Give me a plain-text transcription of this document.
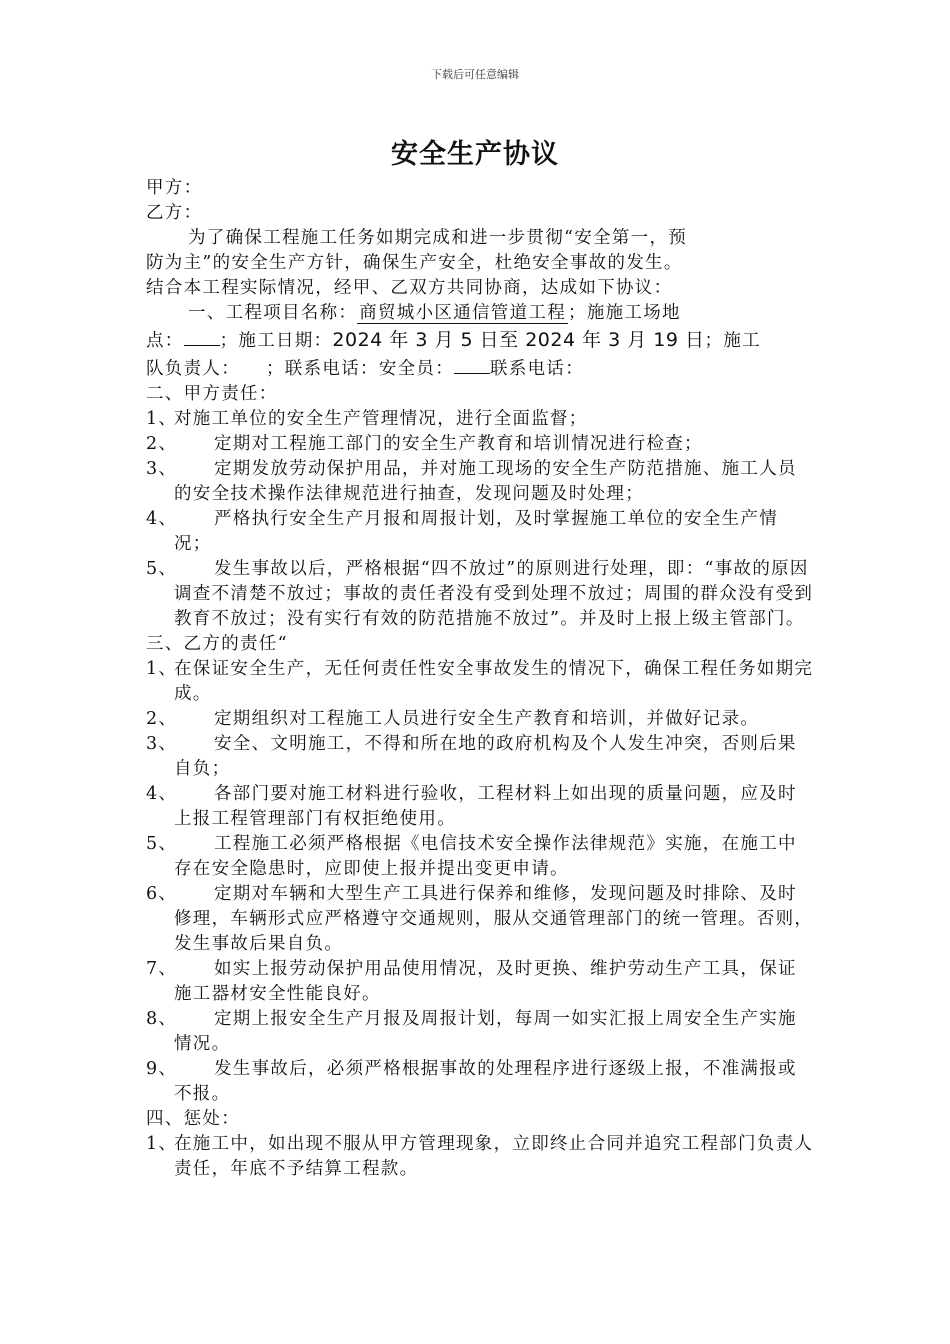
下载后可任意编辑
安全生产协议
甲方：
乙方：
为了确保工程施工任务如期完成和进一步贯彻“安全第一，预
防为主”的安全生产方针，确保生产安全，杜绝安全事故的发生。
结合本工程实际情况，经甲、乙双方共同协商，达成如下协议：
一、工程项目名称： 商贸城小区通信管道工程 ；施施工场地
点： ；施工日期：2024 年 3 月 5 日至 2024 年 3 月 19 日；施工
队负责人： ；联系电话：安全员： 联系电话：
二、甲方责任：
1、
对施工单位的安全生产管理情况，进行全面监督；
2、	定期对工程施工部门的安全生产教育和培训情况进行检查；
3、	定期发放劳动保护用品，并对施工现场的安全生产防范措施、施工人员的安全技术操作法律规范进行抽查，发现问题及时处理；
4、	严格执行安全生产月报和周报计划，及时掌握施工单位的安全生产情况；
5、	发生事故以后，严格根据“四不放过”的原则进行处理，即：“事故的原因调查不清楚不放过；事故的责任者没有受到处理不放过；周围的群众没有受到教育不放过；没有实行有效的防范措施不放过”。并及时上报上级主管部门。
三、乙方的责任“
1、
在保证安全生产，无任何责任性安全事故发生的情况下，确保工程任务如期完成。
2、	定期组织对工程施工人员进行安全生产教育和培训，并做好记录。
3、	安全、文明施工，不得和所在地的政府机构及个人发生冲突，否则后果自负；
4、	各部门要对施工材料进行验收，工程材料上如出现的质量问题，应及时上报工程管理部门有权拒绝使用。
5、	工程施工必须严格根据《电信技术安全操作法律规范》实施，在施工中存在安全隐患时，应即使上报并提出变更申请。
6、	定期对车辆和大型生产工具进行保养和维修，发现问题及时排除、及时修理，车辆形式应严格遵守交通规则，服从交通管理部门的统一管理。否则，发生事故后果自负。
7、	如实上报劳动保护用品使用情况，及时更换、维护劳动生产工具，保证施工器材安全性能良好。
8、	定期上报安全生产月报及周报计划，每周一如实汇报上周安全生产实施情况。
9、	发生事故后，必须严格根据事故的处理程序进行逐级上报，不准满报或不报。
四、惩处：
1、
在施工中，如出现不服从甲方管理现象，立即终止合同并追究工程部门负责人责任，年底不予结算工程款。
